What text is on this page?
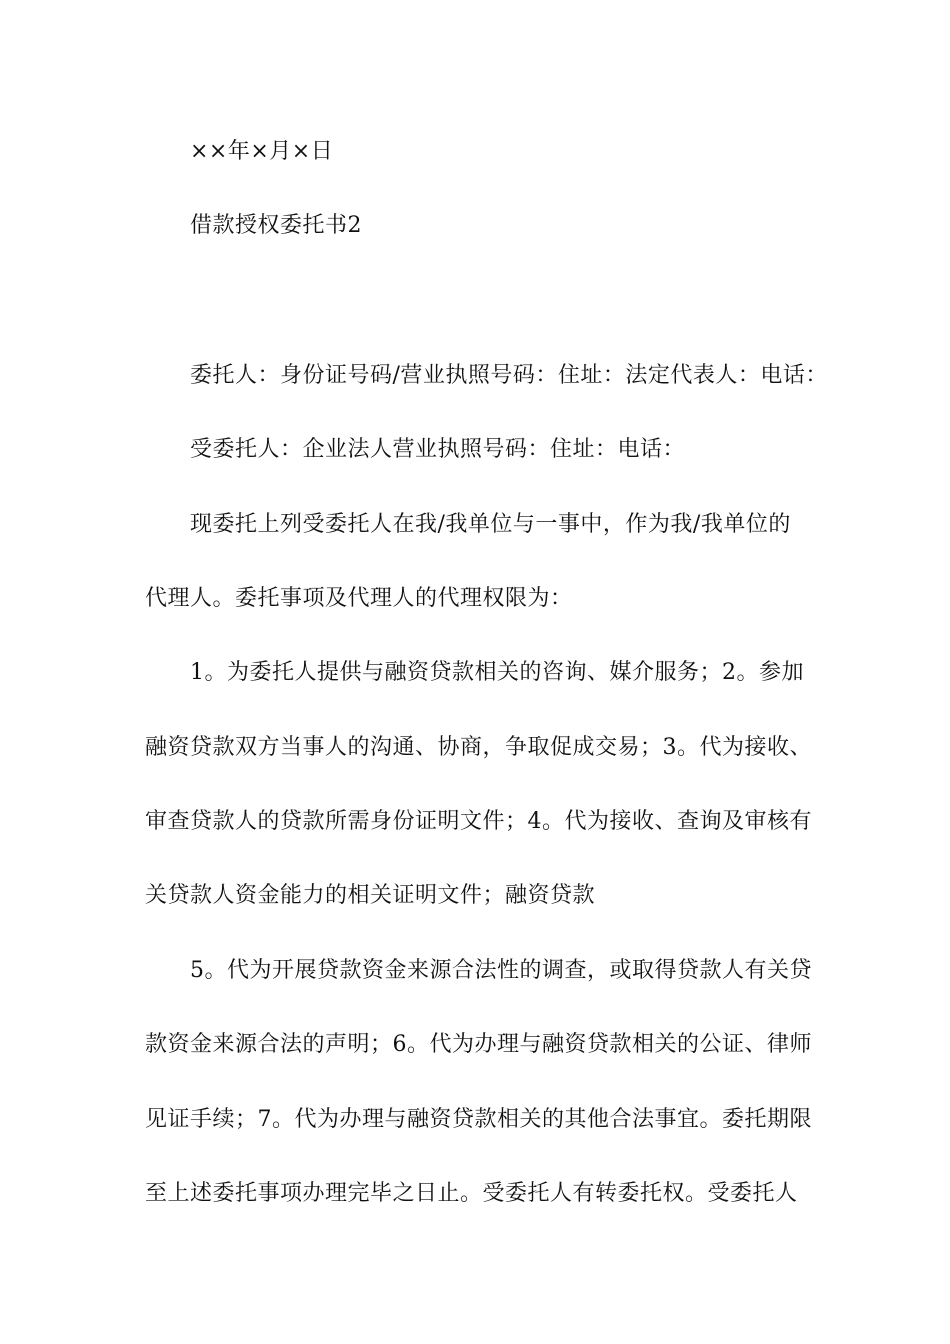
××年×月×日
借款授权委托书2
委托人：身份证号码/营业执照号码：住址：法定代表人：电话：
受委托人：企业法人营业执照号码：住址：电话：
现委托上列受委托人在我/我单位与一事中，作为我/我单位的
代理人。委托事项及代理人的代理权限为：
1。为委托人提供与融资贷款相关的咨询、媒介服务；2。参加
融资贷款双方当事人的沟通、协商，争取促成交易；3。代为接收、
审查贷款人的贷款所需身份证明文件；4。代为接收、查询及审核有
关贷款人资金能力的相关证明文件；融资贷款
5。代为开展贷款资金来源合法性的调查，或取得贷款人有关贷
款资金来源合法的声明；6。代为办理与融资贷款相关的公证、律师
见证手续；7。代为办理与融资贷款相关的其他合法事宜。委托期限
至上述委托事项办理完毕之日止。受委托人有转委托权。受委托人
